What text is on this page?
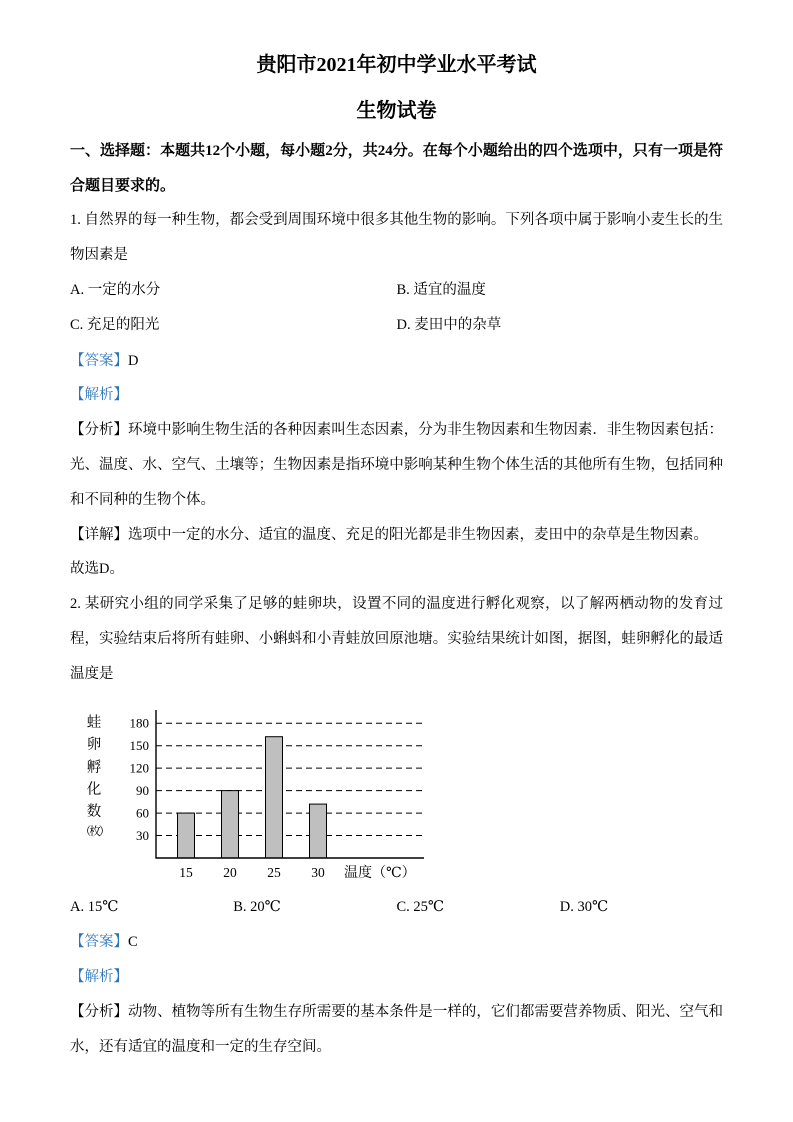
贵阳市2021年初中学业水平考试
生物试卷

一、选择题：本题共12个小题，每小题2分，共24分。在每个小题给出的四个选项中，只有一项是符合题目要求的。

1. 自然界的每一种生物，都会受到周围环境中很多其他生物的影响。下列各项中属于影响小麦生长的生物因素是

A. 一定的水分	B. 适宜的温度
C. 充足的阳光	D. 麦田中的杂草

【答案】D

【解析】

【分析】环境中影响生物生活的各种因素叫生态因素，分为非生物因素和生物因素．非生物因素包括：光、温度、水、空气、土壤等；生物因素是指环境中影响某种生物个体生活的其他所有生物，包括同种和不同种的生物个体。

【详解】选项中一定的水分、适宜的温度、充足的阳光都是非生物因素，麦田中的杂草是生物因素。

故选D。

2. 某研究小组的同学采集了足够的蛙卵块，设置不同的温度进行孵化观察，以了解两栖动物的发育过程，实验结束后将所有蛙卵、小蝌蚪和小青蛙放回原池塘。实验结果统计如图，据图，蛙卵孵化的最适温度是

蛙
卵
孵
化
数
（枚） 30
60
90
120
150
180
15 20 25 30 温度（℃）
A. 15℃	B. 20℃	C. 25℃	D. 30℃

【答案】C

【解析】

【分析】动物、植物等所有生物生存所需要的基本条件是一样的，它们都需要营养物质、阳光、空气和水，还有适宜的温度和一定的生存空间。
